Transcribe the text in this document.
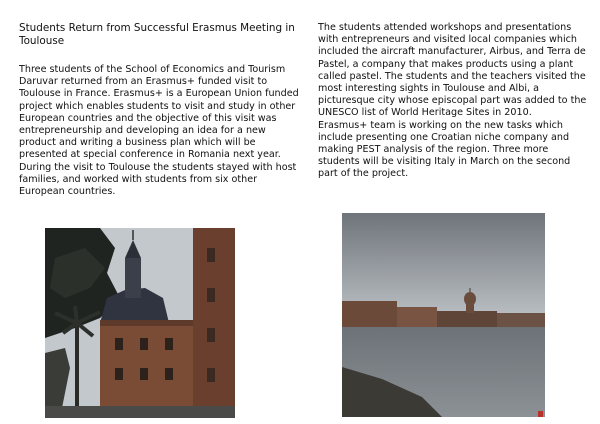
Students Return from Successful Erasmus Meeting in Toulouse

Three students of the School of Economics and Tourism Daruvar returned from an Erasmus+ funded visit to Toulouse in France. Erasmus+ is a European Union funded project which enables students to visit and study in other European countries and the objective of this visit was entrepreneurship and developing an idea for a new product and writing a business plan which will be presented at special conference in Romania next year.

During the visit to Toulouse the students stayed with host families, and worked with students from six other European countries.

The students attended workshops and presentations with entrepreneurs and visited local companies which included the aircraft manufacturer, Airbus, and Terra de Pastel, a company that makes products using a plant called pastel. The students and the teachers visited the most interesting sights in Toulouse and Albi, a picturesque city whose episcopal part was added to the UNESCO list of World Heritage Sites in 2010.

Erasmus+ team is working on the new tasks which include presenting one Croatian niche company and making PEST analysis of the region. Three more students will be visiting Italy in March on the second part of the project.
